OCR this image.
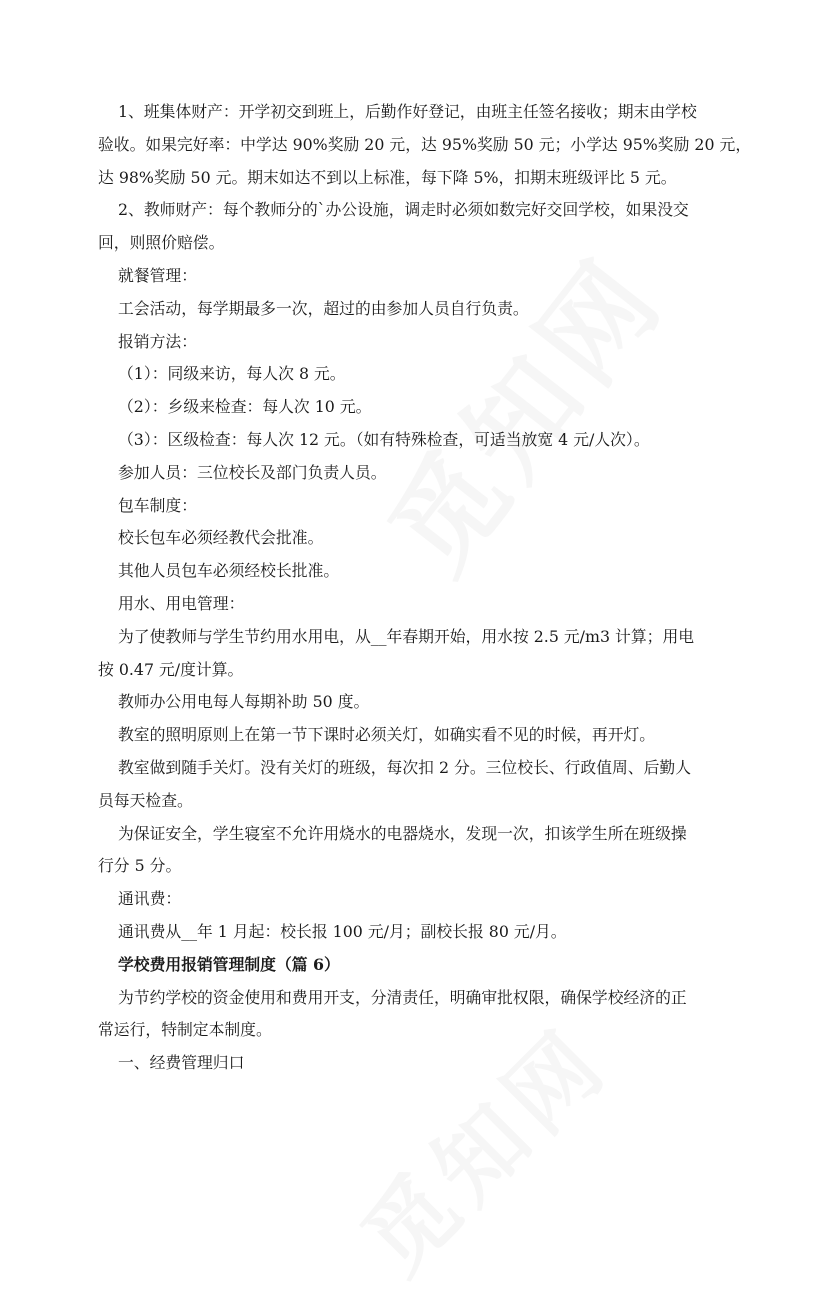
1、班集体财产：开学初交到班上，后勤作好登记，由班主任签名接收；期末由学校
验收。如果完好率：中学达 90%奖励 20 元，达 95%奖励 50 元；小学达 95%奖励 20 元，
达 98%奖励 50 元。期末如达不到以上标准，每下降 5%，扣期末班级评比 5 元。

2、教师财产：每个教师分的`办公设施，调走时必须如数完好交回学校，如果没交
回，则照价赔偿。

就餐管理：

工会活动，每学期最多一次，超过的由参加人员自行负责。

报销方法：

（1）：同级来访，每人次 8 元。

（2）：乡级来检查：每人次 10 元。

（3）：区级检查：每人次 12 元。（如有特殊检查，可适当放宽 4 元/人次）。

参加人员：三位校长及部门负责人员。

包车制度：

校长包车必须经教代会批准。

其他人员包车必须经校长批准。

用水、用电管理：

为了使教师与学生节约用水用电，从__年春期开始，用水按 2.5 元/m3 计算；用电
按 0.47 元/度计算。

教师办公用电每人每期补助 50 度。

教室的照明原则上在第一节下课时必须关灯，如确实看不见的时候，再开灯。

教室做到随手关灯。没有关灯的班级，每次扣 2 分。三位校长、行政值周、后勤人
员每天检查。

为保证安全，学生寝室不允许用烧水的电器烧水，发现一次，扣该学生所在班级操
行分 5 分。

通讯费：

通讯费从__年 1 月起：校长报 100 元/月；副校长报 80 元/月。

学校费用报销管理制度（篇 6）

为节约学校的资金使用和费用开支，分清责任，明确审批权限，确保学校经济的正
常运行，特制定本制度。

一、经费管理归口
